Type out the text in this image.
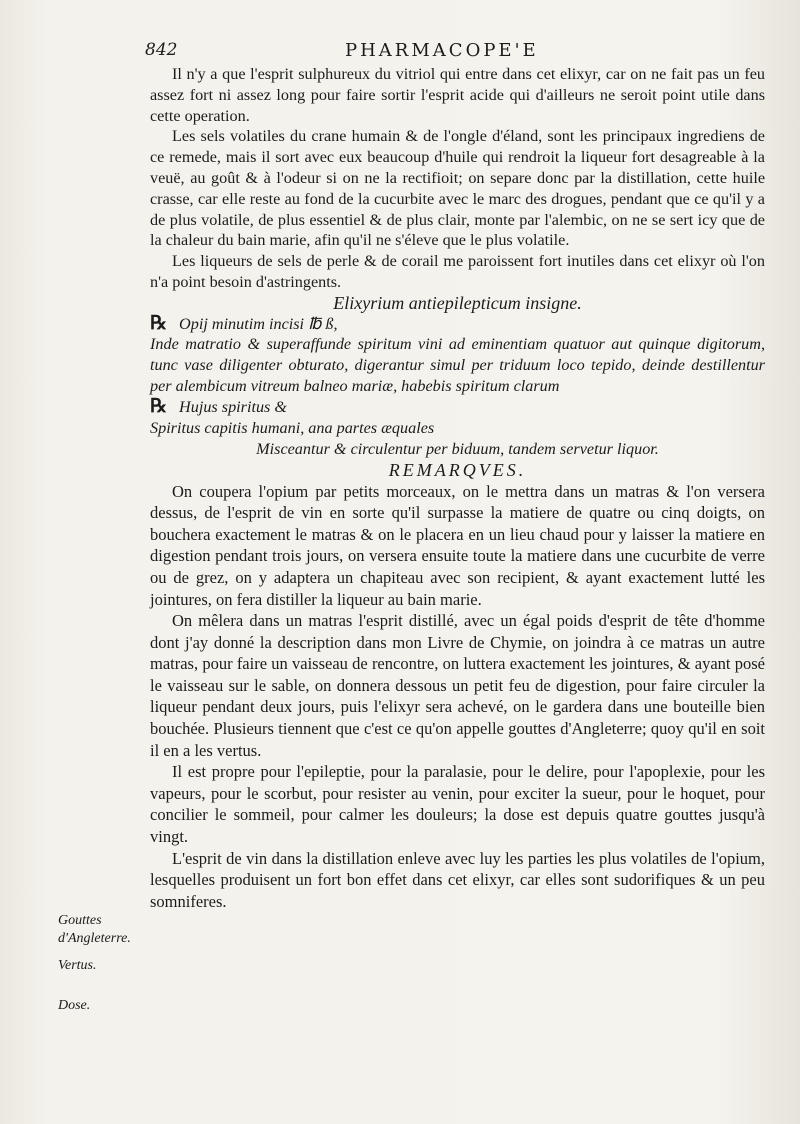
842	PHARMACOPE'E

Il n'y a que l'esprit sulphureux du vitriol qui entre dans cet elixyr, car on ne fait pas un feu assez fort ni assez long pour faire sortir l'esprit acide qui d'ailleurs ne seroit point utile dans cette operation.

Les sels volatiles du crane humain & de l'ongle d'éland, sont les principaux ingrediens de ce remede, mais il sort avec eux beaucoup d'huile qui rendroit la liqueur fort desagreable à la veuë, au goût & à l'odeur si on ne la rectifioit; on separe donc par la distillation, cette huile crasse, car elle reste au fond de la cucurbite avec le marc des drogues, pendant que ce qu'il y a de plus volatile, de plus essentiel & de plus clair, monte par l'alembic, on ne se sert icy que de la chaleur du bain marie, afin qu'il ne s'éleve que le plus volatile.

Les liqueurs de sels de perle & de corail me paroissent fort inutiles dans cet elixyr où l'on n'a point besoin d'astringents.

Elixyrium antiepilepticum insigne.

℞ Opij minutim incisi ℔ ß,

Inde matratio & superaffunde spiritum vini ad eminentiam quatuor aut quinque digitorum, tunc vase diligenter obturato, digerantur simul per triduum loco tepido, deinde destillentur per alembicum vitreum balneo mariæ, habebis spiritum clarum

℞ Hujus spiritus &

Spiritus capitis humani, ana partes æquales

Misceantur & circulentur per biduum, tandem servetur liquor.

REMARQVES.

On coupera l'opium par petits morceaux, on le mettra dans un matras & l'on versera dessus, de l'esprit de vin en sorte qu'il surpasse la matiere de quatre ou cinq doigts, on bouchera exactement le matras & on le placera en un lieu chaud pour y laisser la matiere en digestion pendant trois jours, on versera ensuite toute la matiere dans une cucurbite de verre ou de grez, on y adaptera un chapiteau avec son recipient, & ayant exactement lutté les jointures, on fera distiller la liqueur au bain marie.

On mêlera dans un matras l'esprit distillé, avec un égal poids d'esprit de tête d'homme dont j'ay donné la description dans mon Livre de Chymie, on joindra à ce matras un autre matras, pour faire un vaisseau de rencontre, on luttera exactement les jointures, & ayant posé le vaisseau sur le sable, on donnera dessous un petit feu de digestion, pour faire circuler la liqueur pendant deux jours, puis l'elixyr sera achevé, on le gardera dans une bouteille bien bouchée. Plusieurs tiennent que c'est ce qu'on appelle gouttes d'Angleterre; quoy qu'il en soit il en a les vertus.

Il est propre pour l'epileptie, pour la paralasie, pour le delire, pour l'apoplexie, pour les vapeurs, pour le scorbut, pour resister au venin, pour exciter la sueur, pour le hoquet, pour concilier le sommeil, pour calmer les douleurs; la dose est depuis quatre gouttes jusqu'à vingt.

L'esprit de vin dans la distillation enleve avec luy les parties les plus volatiles de l'opium, lesquelles produisent un fort bon effet dans cet elixyr, car elles sont sudorifiques & un peu somniferes.

Gouttes d'Angleterre.
Vertus.
Dose.
